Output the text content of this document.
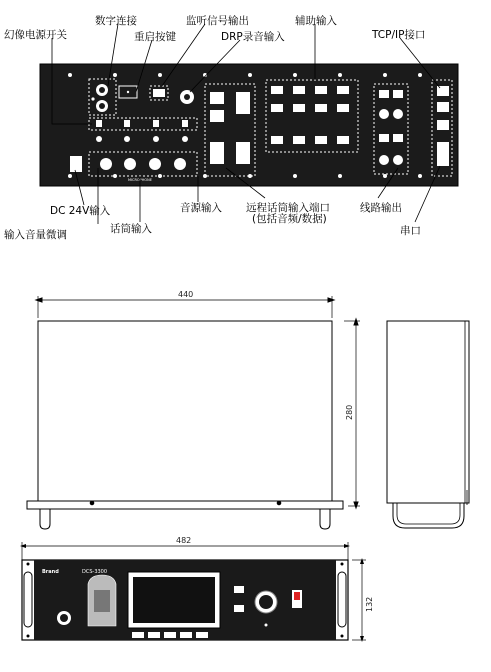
MICROPHONE
幻像电源开关
数字连接
重启按键
监听信号输出
DRP录音输入
辅助输入
TCP/IP接口
DC 24V输入
输入音量微调	话筒输入
音源输入 远程话筒输入端口
(包括音频/数据)
线路输出
串口
440
280
Brand	DCS-3300
482
132
